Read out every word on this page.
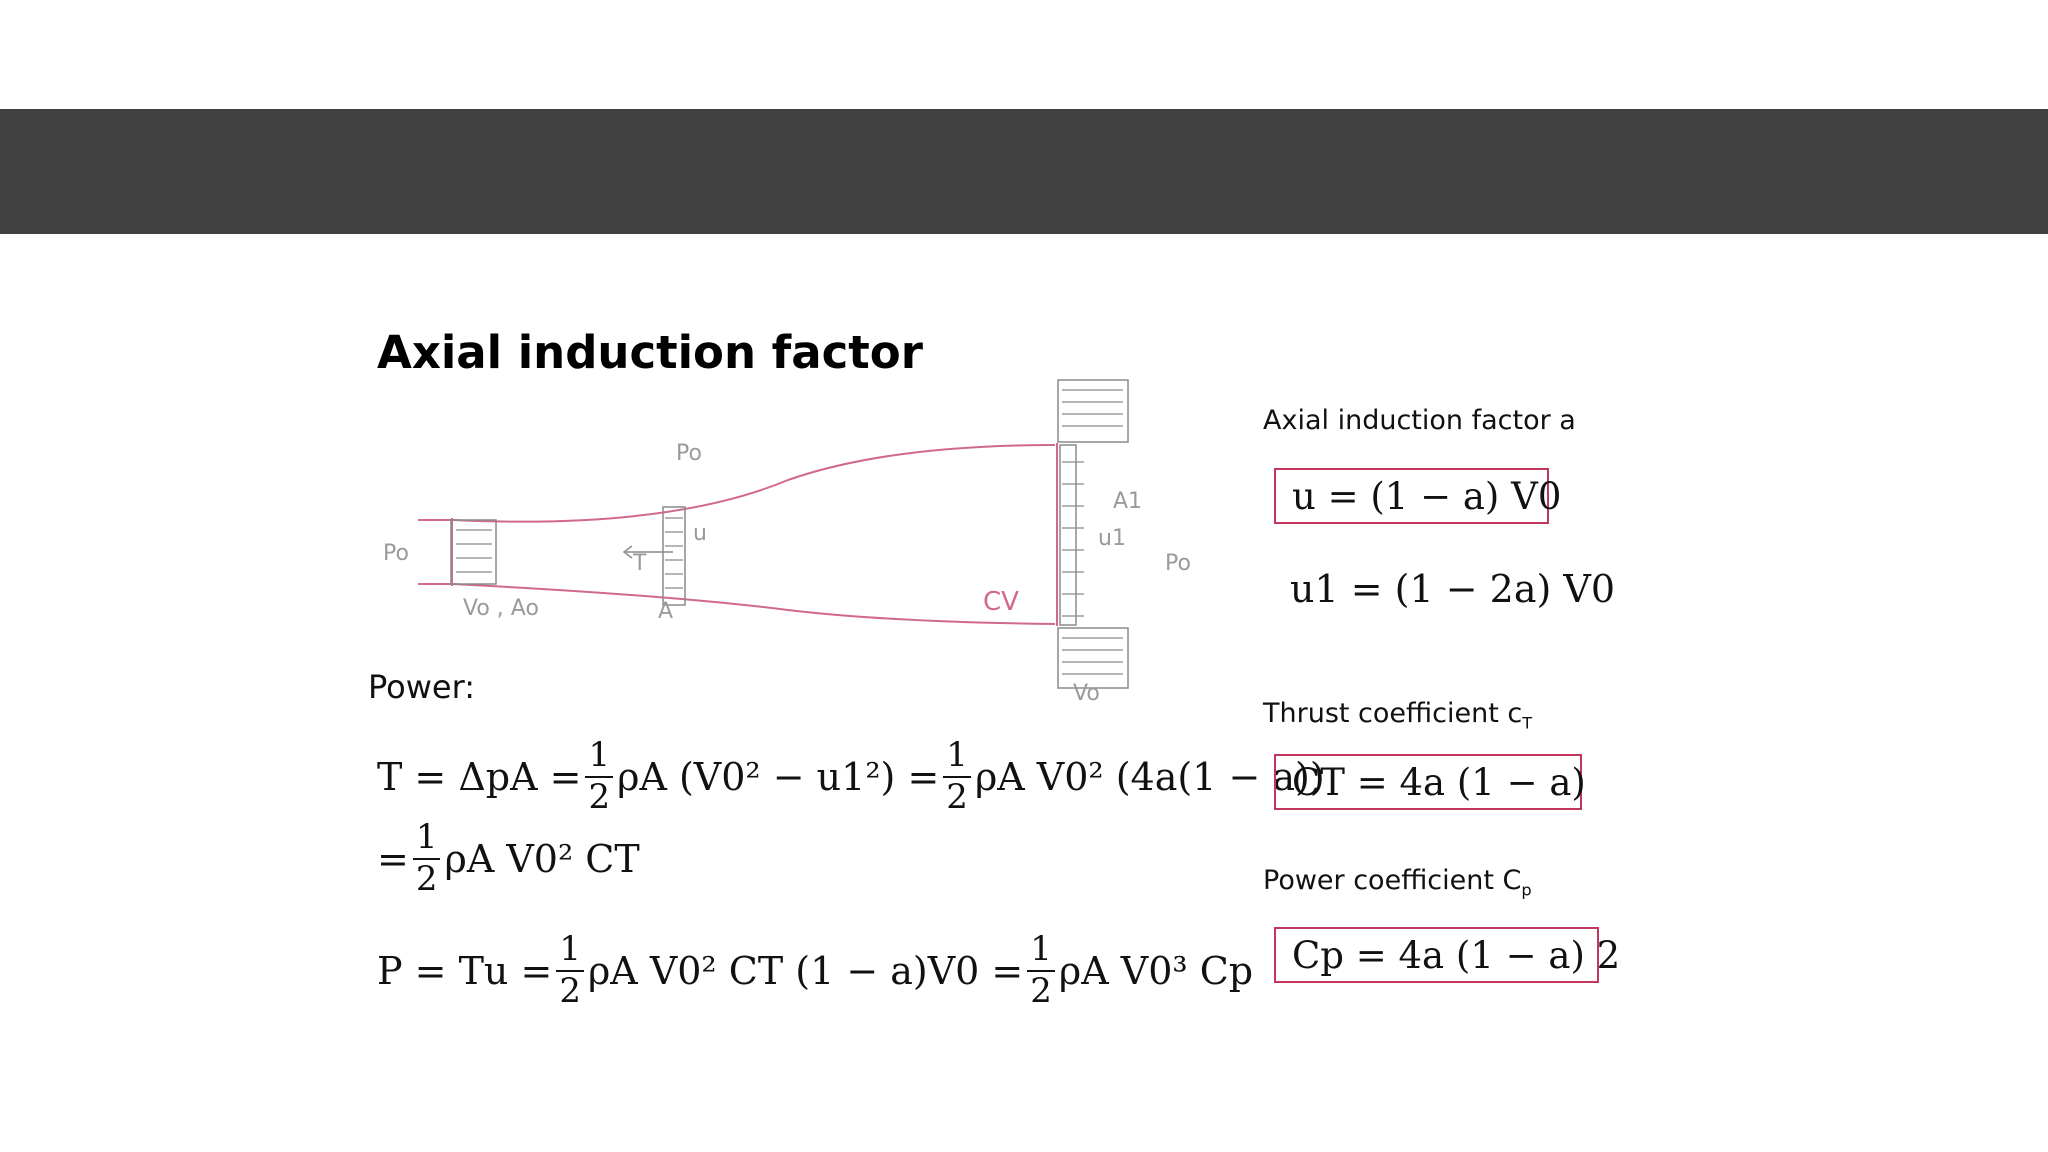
Axial induction factor
Po
Po
Po
Vo , Ao	A
T
u	u1
A1
CV
Vo
Power:
$T = \Delta pA = \frac{1}{2}$ ρA $(V0^2 - u1^2) = \frac{1}{2}$ ρA V0² (4a(1 − a))
= $\frac{1}{2}$ ρA V0² CT
$P = Tu = \frac{1}{2}$ ρA V0² CT $(1 - a)V0 = \frac{1}{2}$ ρA V0³ Cp
Axial induction factor a
u = (1 − a) V0
u1 = (1 − 2a) V0
Thrust coefficient $c_T$
CT = 4a (1 − a)
Power coefficient $C_p$
Cp = 4a (1 − a) 2
